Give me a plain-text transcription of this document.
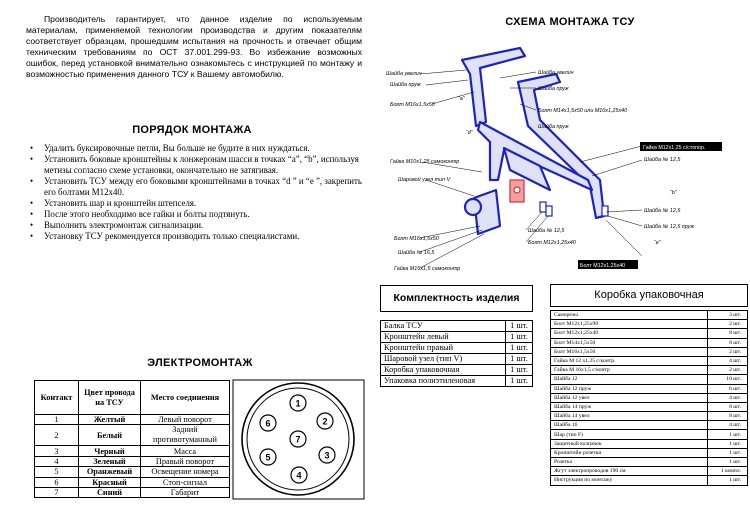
Производитель гарантирует, что данное изделие по используемым материалам, применяемой технологии производства и другим показателям соответствует образцам, прошедшим испытания на прочность и отвечает общим техническим требованиям по ОСТ 37.001.299-93. Во избежание возможных ошибок, перед установкой внимательно ознакомьтесь с инструкцией по монтажу и возможностью применения данного ТСУ к Вашему автомобилю.

ПОРЯДОК МОНТАЖА
• Удалить буксировочные петли, Вы больше не будите в них нуждаться.
• Установить боковые кронштейны к лонжеронам шасси в точках “a”, “b”, используя метизы согласно схеме установки, окончательно не затягивая.
• Установить ТСУ между его боковыми кронштейнами в точках “d ” и “e ”, закрепить его болтами M12x40.
• Установить шар и кронштейн штепселя.
• После этого необходимо все гайки и болты подтянуть.
• Выполнить электромонтаж сигнализации.
• Установку ТСУ рекомендуется производить только специалистами.
СХЕМА МОНТАЖА ТСУ
Шайба увелич
Шайба пруж
Болт М16х1,5х50
Шайба увелич
Шайба пруж
Болт М14х1,5х50 или М10х1,25х40
Шайба пруж
Гайка М12х1,25 с/стопор.
Шайба № 12,5
Гайка М10х1,25 самоконтр
Шаровой узел тип V
Шайба № 12,5
Болт М12х1,25х40
Болт М16х1,5х50
Шайба № 16,5
Гайка М16х1,5 самоконтр
Шайба № 12,5
Шайба № 12,5 пруж
Болт М12х1,25х40
“a”
“d”
“b”
“e”
Комплектность изделия
Балка ТСУ	1 шт.
Кронштейн левый	1 шт.
Кронштейн правый	1 шт.
Шаровой узел (тип V)	1 шт.
Коробка упаковочная	1 шт.
Упаковка полиэтиленовая	1 шт.
Коробка упаковочная
Саморезы	3 шт.
Болт М12х1,25х90	2 шт.
Болт М12х1,25х40	8 шт.
Болт М14х1,5х50	8 шт.
Болт М16х1,5х50	2 шт.
Гайка М 12 х1,25 с/контр.	4 шт.
Гайка М 16х1,5 с/контр	2 шт.
Шайба 12	10 шт.
Шайба 12 пруж	6 шт.
Шайба 12 увел	4 шт.
Шайба 14 пруж	8 шт.
Шайба 14 увел	8 шт.
Шайба 16	4 шт.
Шар (тип F)	1 шт.
Защитный колпачок	1 шт.
Кронштейн розетки	1 шт.
Розетка	1 шт.
Жгут электропроводов 190 см	1 компл.
Инструкция по монтажу	1 шт.
ЭЛЕКТРОМОНТАЖ
Контакт	Цвет провода на ТСУ	Место соединения
1	Желтый	Левый поворот
2	Белый	Задний противотуманный
3	Черный	Масса
4	Зеленый	Правый поворот
5	Оранжевый	Освещение номера
6	Красный	Стоп-сигнал
7	Синий	Габарит
1
2
3
4
5
6
7
